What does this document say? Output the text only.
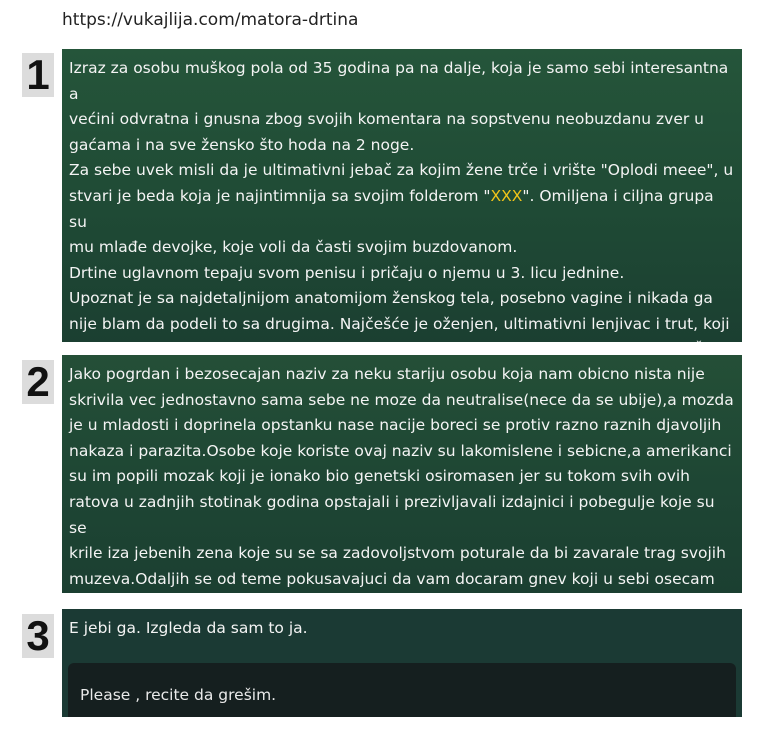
https://vukajlija.com/matora-drtina
1 Izraz za osobu muškog pola od 35 godina pa na dalje, koja je samo sebi interesantna a

većini odvratna i gnusna zbog svojih komentara na sopstvenu neobuzdanu zver u

gaćama i na sve žensko što hoda na 2 noge.

Za sebe uvek misli da je ultimativni jebač za kojim žene trče i vrište "Oplodi meee", u

stvari je beda koja je najintimnija sa svojim folderom "XXX". Omiljena i ciljna grupa su

mu mlađe devojke, koje voli da časti svojim buzdovanom.

Drtine uglavnom tepaju svom penisu i pričaju o njemu u 3. licu jednine.

Upoznat je sa najdetaljnijom anatomijom ženskog tela, posebno vagine i nikada ga

nije blam da podeli to sa drugima. Najčešće je oženjen, ultimativni lenjivac i trut, koji

2 Jako pogrdan i bezosecajan naziv za neku stariju osobu koja nam obicno nista nije

skrivila vec jednostavno sama sebe ne moze da neutralise(nece da se ubije),a mozda

je u mladosti i doprinela opstanku nase nacije boreci se protiv razno raznih djavoljih

nakaza i parazita.Osobe koje koriste ovaj naziv su lakomislene i sebicne,a amerikanci

su im popili mozak koji je ionako bio genetski osiromasen jer su tokom svih ovih

ratova u zadnjih stotinak godina opstajali i prezivljavali izdajnici i pobegulje koje su se

krile iza jebenih zena koje su se sa zadovoljstvom poturale da bi zavarale trag svojih

muzeva.Odaljih se od teme pokusavajuci da vam docaram gnev koji u sebi osecam

3 E jebi ga. Izgleda da sam to ja.

Please , recite da grešim.
